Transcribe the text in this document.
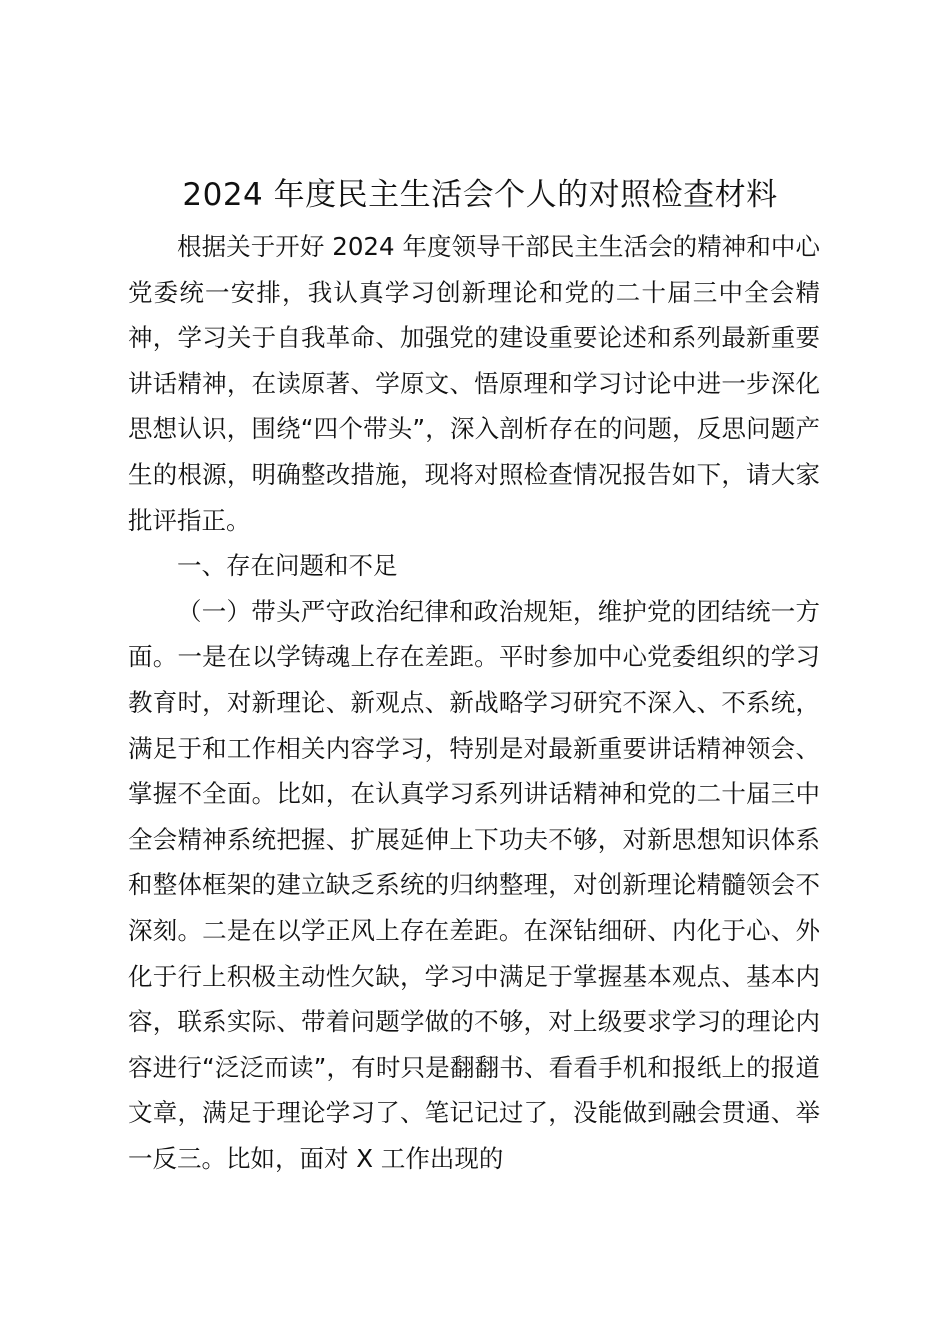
2024 年度民主生活会个人的对照检查材料

根据关于开好 2024 年度领导干部民主生活会的精神和中心党委统一安排，我认真学习创新理论和党的二十届三中全会精神，学习关于自我革命、加强党的建设重要论述和系列最新重要讲话精神，在读原著、学原文、悟原理和学习讨论中进一步深化思想认识，围绕“四个带头”，深入剖析存在的问题，反思问题产生的根源，明确整改措施，现将对照检查情况报告如下，请大家批评指正。

一、存在问题和不足

（一）带头严守政治纪律和政治规矩，维护党的团结统一方面。一是在以学铸魂上存在差距。平时参加中心党委组织的学习教育时，对新理论、新观点、新战略学习研究不深入、不系统，满足于和工作相关内容学习，特别是对最新重要讲话精神领会、掌握不全面。比如，在认真学习系列讲话精神和党的二十届三中全会精神系统把握、扩展延伸上下功夫不够，对新思想知识体系和整体框架的建立缺乏系统的归纳整理，对创新理论精髓领会不深刻。二是在以学正风上存在差距。在深钻细研、内化于心、外化于行上积极主动性欠缺，学习中满足于掌握基本观点、基本内容，联系实际、带着问题学做的不够，对上级要求学习的理论内容进行“泛泛而读”，有时只是翻翻书、看看手机和报纸上的报道文章，满足于理论学习了、笔记记过了，没能做到融会贯通、举一反三。比如，面对 X 工作出现的
